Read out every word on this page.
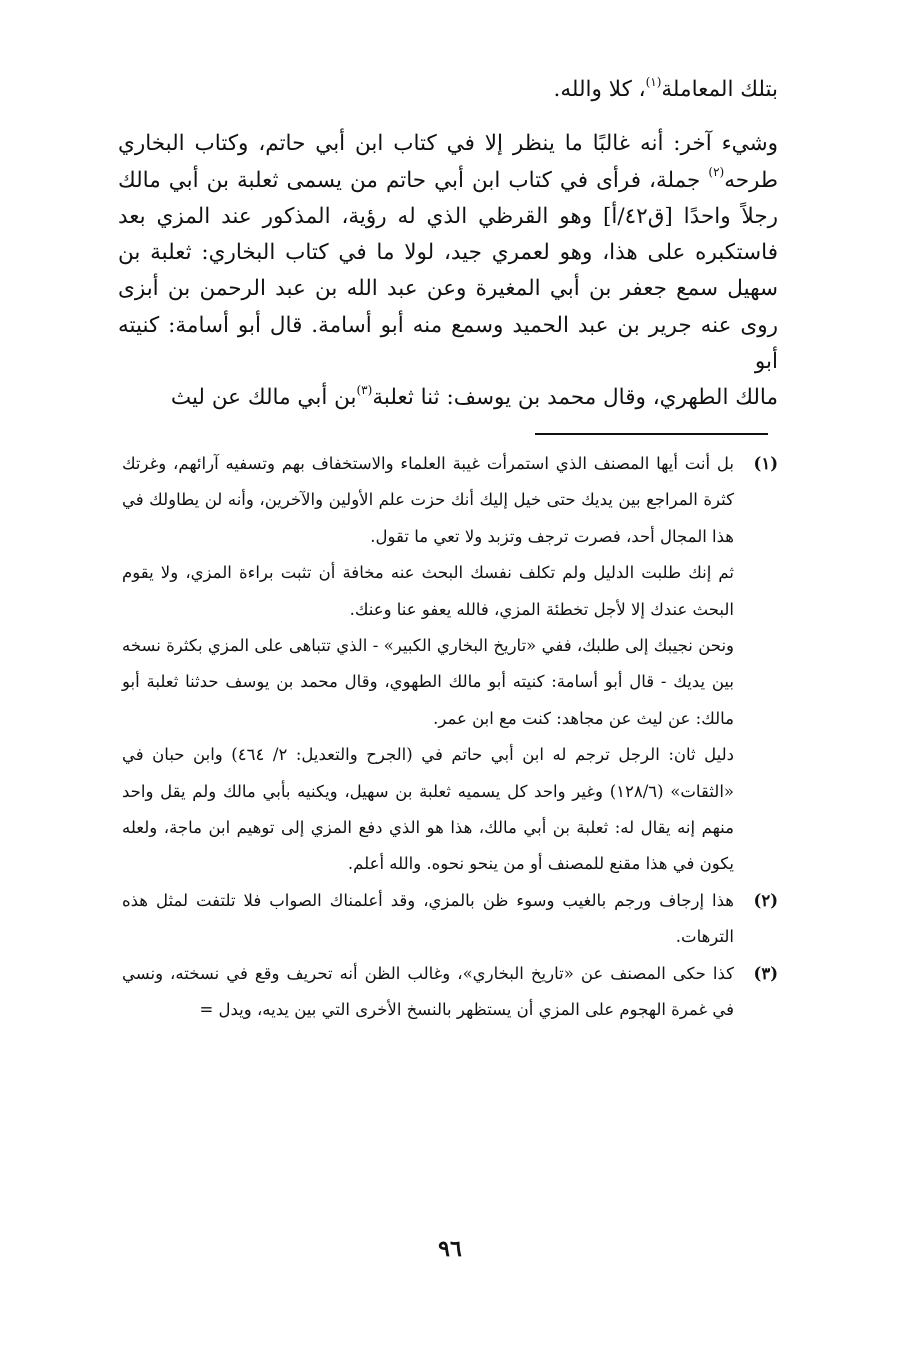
بتلك المعاملة$^{(١)}$، كلا والله.

وشيء آخر: أنه غالبًا ما ينظر إلا في كتاب ابن أبي حاتم، وكتاب البخاري طرحه$^{(٢)}$ جملة، فرأى في كتاب ابن أبي حاتم من يسمى ثعلبة بن أبي مالك رجلاً واحدًا [ق٤٢/أ] وهو القرظي الذي له رؤية، المذكور عند المزي بعد فاستكبره على هذا، وهو لعمري جيد، لولا ما في كتاب البخاري: ثعلبة بن سهيل سمع جعفر بن أبي المغيرة وعن عبد الله بن عبد الرحمن بن أبزى روى عنه جرير بن عبد الحميد وسمع منه أبو أسامة. قال أبو أسامة: كنيته أبو
مالك الطهري، وقال محمد بن يوسف: ثنا ثعلبة$^{(٣)}$بن أبي مالك عن ليث

(١)

بل أنت أيها المصنف الذي استمرأت غيبة العلماء والاستخفاف بهم وتسفيه آرائهم، وغرتك كثرة المراجع بين يديك حتى خيل إليك أنك حزت علم الأولين والآخرين، وأنه لن يطاولك في هذا المجال أحد، فصرت ترجف وتزبد ولا تعي ما تقول.

ثم إنك طلبت الدليل ولم تكلف نفسك البحث عنه مخافة أن تثبت براءة المزي، ولا يقوم البحث عندك إلا لأجل تخطئة المزي، فالله يعفو عنا وعنك.

ونحن نجيبك إلى طلبك، ففي «تاريخ البخاري الكبير» - الذي تتباهى على المزي بكثرة نسخه بين يديك - قال أبو أسامة: كنيته أبو مالك الطهوي، وقال محمد بن يوسف حدثنا ثعلبة أبو مالك: عن ليث عن مجاهد: كنت مع ابن عمر.

دليل ثان: الرجل ترجم له ابن أبي حاتم في (الجرح والتعديل: ٢/ ٤٦٤) وابن حبان في «الثقات» (١٢٨/٦) وغير واحد كل يسميه ثعلبة بن سهيل، ويكنيه بأبي مالك ولم يقل واحد منهم إنه يقال له: ثعلبة بن أبي مالك، هذا هو الذي دفع المزي إلى توهيم ابن ماجة، ولعله يكون في هذا مقنع للمصنف أو من ينحو نحوه. والله أعلم.

(٢)

هذا إرجاف ورجم بالغيب وسوء ظن بالمزي، وقد أعلمناك الصواب فلا تلتفت لمثل هذه الترهات.

(٣)

كذا حكى المصنف عن «تاريخ البخاري»، وغالب الظن أنه تحريف وقع في نسخته، ونسي في غمرة الهجوم على المزي أن يستظهر بالنسخ الأخرى التي بين يديه، ويدل =

٩٦
